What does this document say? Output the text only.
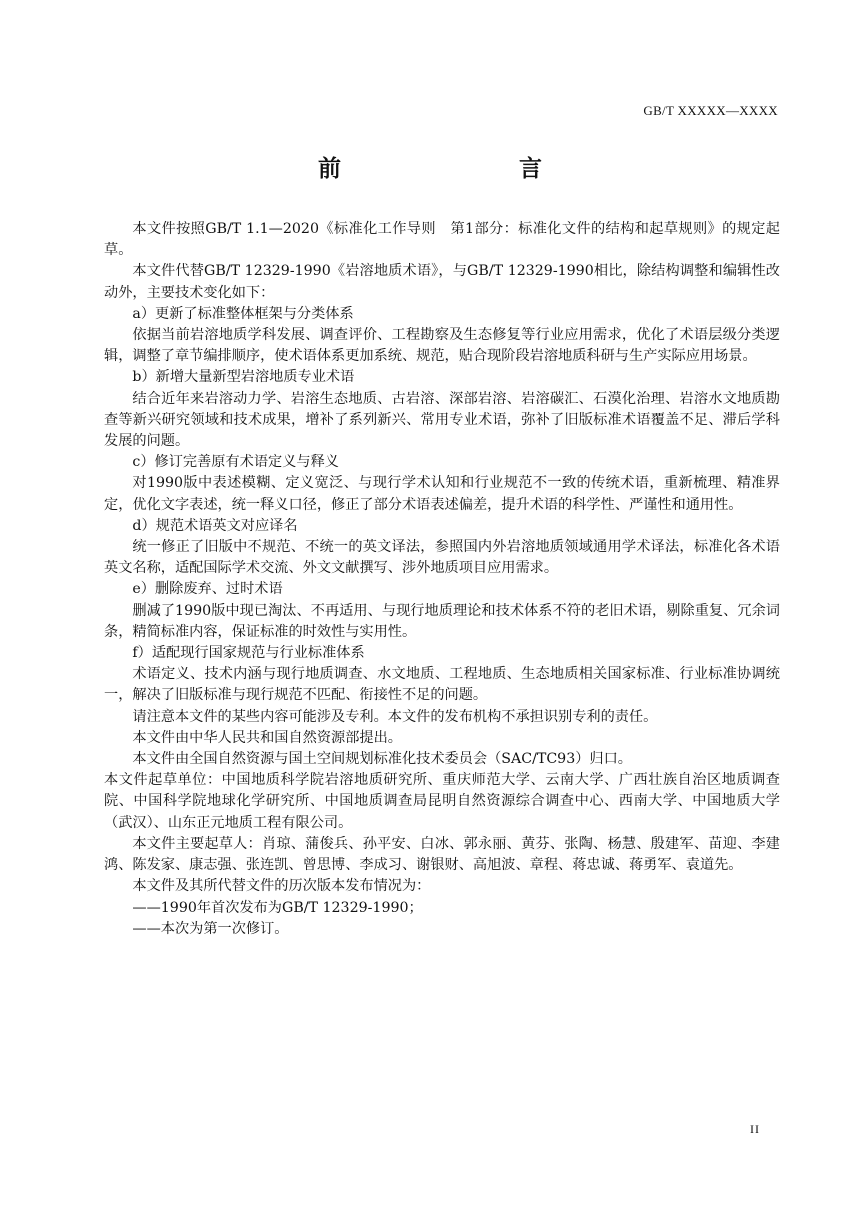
GB/T XXXXX—XXXX
前　　言

本文件按照GB/T 1.1—2020《标准化工作导则　第1部分：标准化文件的结构和起草规则》的规定起草。

本文件代替GB/T 12329-1990《岩溶地质术语》，与GB/T 12329-1990相比，除结构调整和编辑性改动外，主要技术变化如下：

a）更新了标准整体框架与分类体系

依据当前岩溶地质学科发展、调查评价、工程勘察及生态修复等行业应用需求，优化了术语层级分类逻辑，调整了章节编排顺序，使术语体系更加系统、规范，贴合现阶段岩溶地质科研与生产实际应用场景。

b）新增大量新型岩溶地质专业术语

结合近年来岩溶动力学、岩溶生态地质、古岩溶、深部岩溶、岩溶碳汇、石漠化治理、岩溶水文地质勘查等新兴研究领域和技术成果，增补了系列新兴、常用专业术语，弥补了旧版标准术语覆盖不足、滞后学科发展的问题。

c）修订完善原有术语定义与释义

对1990版中表述模糊、定义宽泛、与现行学术认知和行业规范不一致的传统术语，重新梳理、精准界定，优化文字表述，统一释义口径，修正了部分术语表述偏差，提升术语的科学性、严谨性和通用性。

d）规范术语英文对应译名

统一修正了旧版中不规范、不统一的英文译法，参照国内外岩溶地质领域通用学术译法，标准化各术语英文名称，适配国际学术交流、外文文献撰写、涉外地质项目应用需求。

e）删除废弃、过时术语

删减了1990版中现已淘汰、不再适用、与现行地质理论和技术体系不符的老旧术语，剔除重复、冗余词条，精简标准内容，保证标准的时效性与实用性。

f）适配现行国家规范与行业标准体系

术语定义、技术内涵与现行地质调查、水文地质、工程地质、生态地质相关国家标准、行业标准协调统一，解决了旧版标准与现行规范不匹配、衔接性不足的问题。

请注意本文件的某些内容可能涉及专利。本文件的发布机构不承担识别专利的责任。

本文件由中华人民共和国自然资源部提出。

本文件由全国自然资源与国土空间规划标准化技术委员会（SAC/TC93）归口。

本文件起草单位：中国地质科学院岩溶地质研究所、重庆师范大学、云南大学、广西壮族自治区地质调查院、中国科学院地球化学研究所、中国地质调查局昆明自然资源综合调查中心、西南大学、中国地质大学（武汉）、山东正元地质工程有限公司。

本文件主要起草人：肖琼、蒲俊兵、孙平安、白冰、郭永丽、黄芬、张陶、杨慧、殷建军、苗迎、李建鸿、陈发家、康志强、张连凯、曾思博、李成习、谢银财、高旭波、章程、蒋忠诚、蒋勇军、袁道先。

本文件及其所代替文件的历次版本发布情况为：

——1990年首次发布为GB/T 12329-1990；

——本次为第一次修订。

II
